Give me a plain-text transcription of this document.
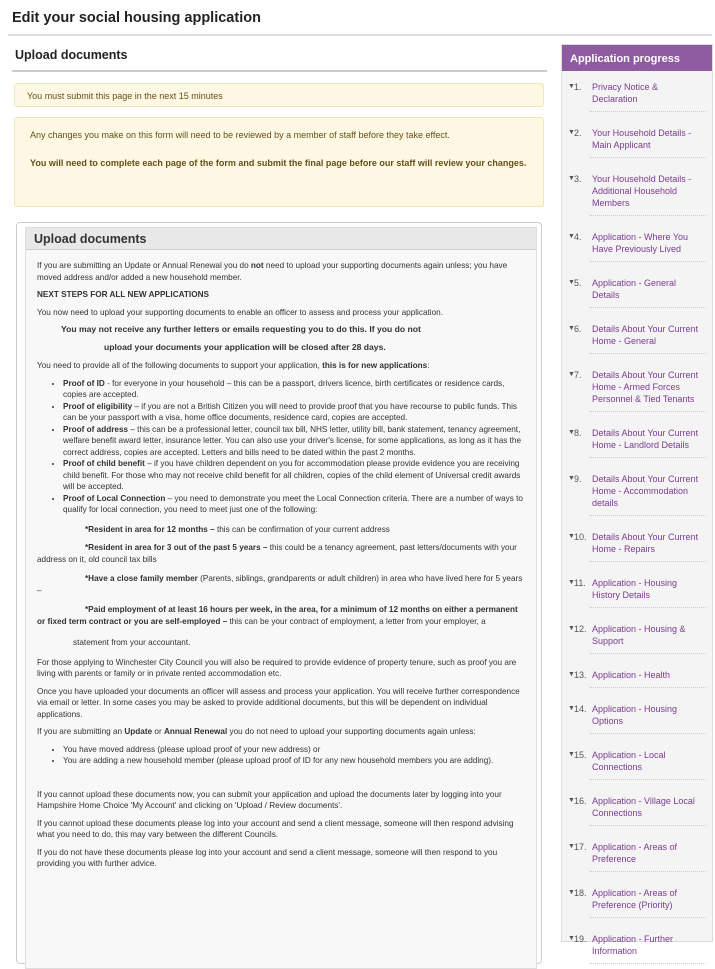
Edit your social housing application
Upload documents
You must submit this page in the next 15 minutes

Any changes you make on this form will need to be reviewed by a member of staff before they take effect.

You will need to complete each page of the form and submit the final page before our staff will review your changes.

Upload documents

If you are submitting an Update or Annual Renewal you do not need to upload your supporting documents again unless; you have moved address and/or added a new household member.

NEXT STEPS FOR ALL NEW APPLICATIONS

You now need to upload your supporting documents to enable an officer to assess and process your application.

You may not receive any further letters or emails requesting you to do this. If you do not

upload your documents your application will be closed after 28 days.

You need to provide all of the following documents to support your application, this is for new applications:

• Proof of ID - for everyone in your household – this can be a passport, drivers licence, birth certificates or residence cards, copies are accepted.
• Proof of eligibility – if you are not a British Citizen you will need to provide proof that you have recourse to public funds. This can be your passport with a visa, home office documents, residence card, copies are accepted.
• Proof of address – this can be a professional letter, council tax bill, NHS letter, utility bill, bank statement, tenancy agreement, welfare benefit award letter, insurance letter. You can also use your driver's license, for some applications, as long as it has the correct address, copies are accepted. Letters and bills need to be dated within the past 2 months.
• Proof of child benefit – if you have children dependent on you for accommodation please provide evidence you are receiving child benefit. For those who may not receive child benefit for all children, copies of the child element of Universal credit awards will be accepted.
• Proof of Local Connection – you need to demonstrate you meet the Local Connection criteria. There are a number of ways to qualify for local connection, you need to meet just one of the following:

*Resident in area for 12 months – this can be confirmation of your current address

*Resident in area for 3 out of the past 5 years – this could be a tenancy agreement, past letters/documents with your address on it, old council tax bills

*Have a close family member (Parents, siblings, grandparents or adult children) in area who have lived here for 5 years –

*Paid employment of at least 16 hours per week, in the area, for a minimum of 12 months on either a permanent or fixed term contract or you are self-employed – this can be your contract of employment, a letter from your employer, a

statement from your accountant.

For those applying to Winchester City Council you will also be required to provide evidence of property tenure, such as proof you are living with parents or family or in private rented accommodation etc.

Once you have uploaded your documents an officer will assess and process your application. You will receive further correspondence via email or letter. In some cases you may be asked to provide additional documents, but this will be dependent on individual applications.

If you are submitting an Update or Annual Renewal you do not need to upload your supporting documents again unless:

• You have moved address (please upload proof of your new address) or
• You are adding a new household member (please upload proof of ID for any new household members you are adding).

If you cannot upload these documents now, you can submit your application and upload the documents later by logging into your Hampshire Home Choice 'My Account' and clicking on 'Upload / Review documents'.

If you cannot upload these documents please log into your account and send a client message, someone will then respond advising what you need to do, this may vary between the different Councils.

If you do not have these documents please log into your account and send a client message, someone will then respond to you providing you with further advice.

Application progress
▼ 1. Privacy Notice & Declaration
▼ 2. Your Household Details - Main Applicant
▼ 3. Your Household Details - Additional Household Members
▼ 4. Application - Where You Have Previously Lived
▼ 5. Application - General Details
▼ 6. Details About Your Current Home - General
▼ 7. Details About Your Current Home - Armed Forces Personnel & Tied Tenants
▼ 8. Details About Your Current Home - Landlord Details
▼ 9. Details About Your Current Home - Accommodation details
▼ 10. Details About Your Current Home - Repairs
▼ 11. Application - Housing History Details
▼ 12. Application - Housing & Support
▼ 13. Application - Health
▼ 14. Application - Housing Options
▼ 15. Application - Local Connections
▼ 16. Application - Village Local Connections
▼ 17. Application - Areas of Preference
▼ 18. Application - Areas of Preference (Priority)
▼ 19. Application - Further Information
